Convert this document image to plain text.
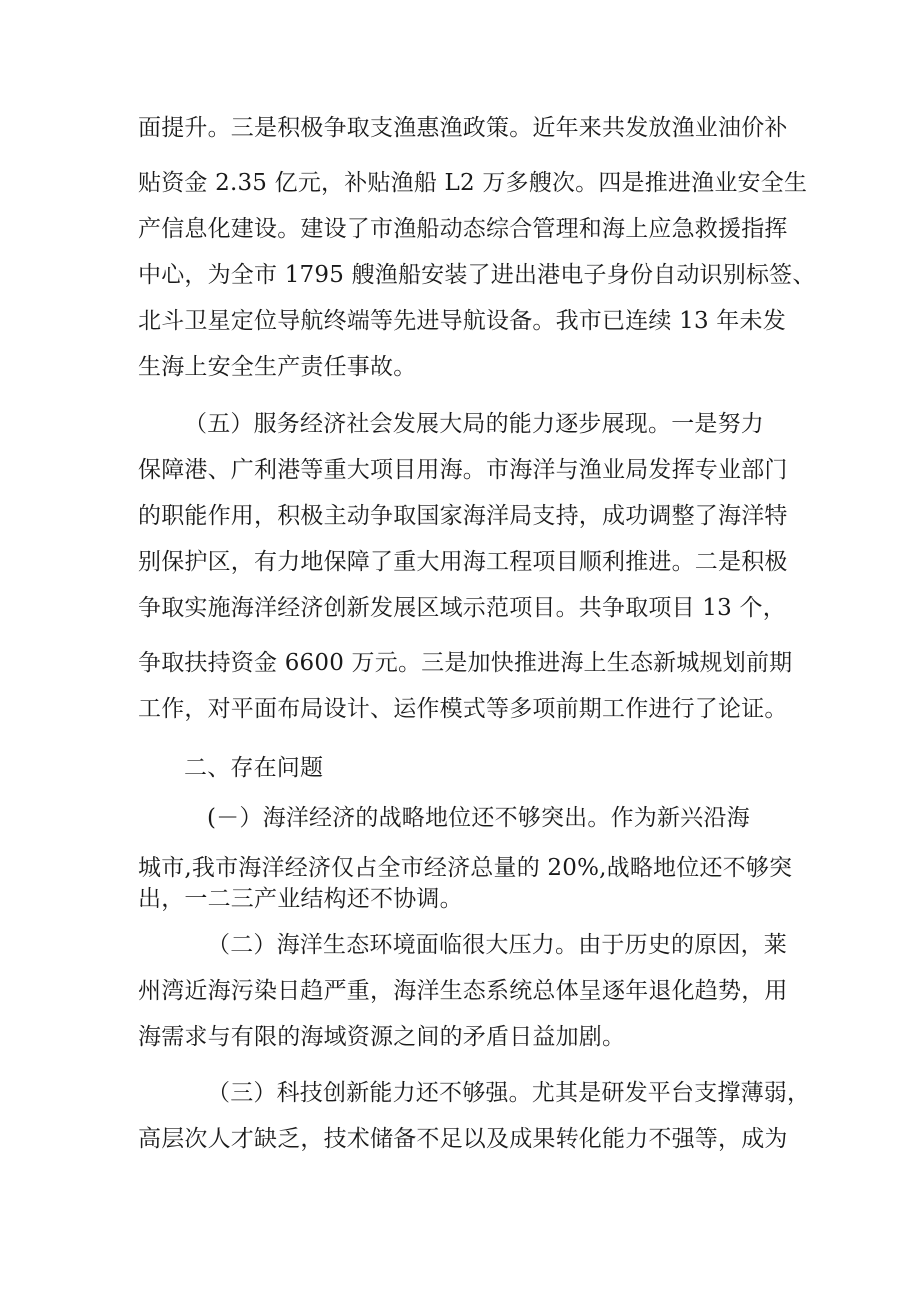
面提升。三是积极争取支渔惠渔政策。近年来共发放渔业油价补
贴资金 2.35 亿元，补贴渔船 L2 万多艘次。四是推进渔业安全生
产信息化建设。建设了市渔船动态综合管理和海上应急救援指挥
中心，为全市 1795 艘渔船安装了进出港电子身份自动识别标签、
北斗卫星定位导航终端等先进导航设备。我市已连续 13 年未发
生海上安全生产责任事故。
（五）服务经济社会发展大局的能力逐步展现。一是努力
保障港、广利港等重大项目用海。市海洋与渔业局发挥专业部门
的职能作用，积极主动争取国家海洋局支持，成功调整了海洋特
别保护区，有力地保障了重大用海工程项目顺利推进。二是积极
争取实施海洋经济创新发展区域示范项目。共争取项目 13 个，
争取扶持资金 6600 万元。三是加快推进海上生态新城规划前期
工作，对平面布局设计、运作模式等多项前期工作进行了论证。
二、存在问题
(－）海洋经济的战略地位还不够突出。作为新兴沿海
城市,我市海洋经济仅占全市经济总量的 20%,战略地位还不够突
出，一二三产业结构还不协调。
（二）海洋生态环境面临很大压力。由于历史的原因，莱
州湾近海污染日趋严重，海洋生态系统总体呈逐年退化趋势，用
海需求与有限的海域资源之间的矛盾日益加剧。
（三）科技创新能力还不够强。尤其是研发平台支撑薄弱，
高层次人才缺乏，技术储备不足以及成果转化能力不强等，成为
